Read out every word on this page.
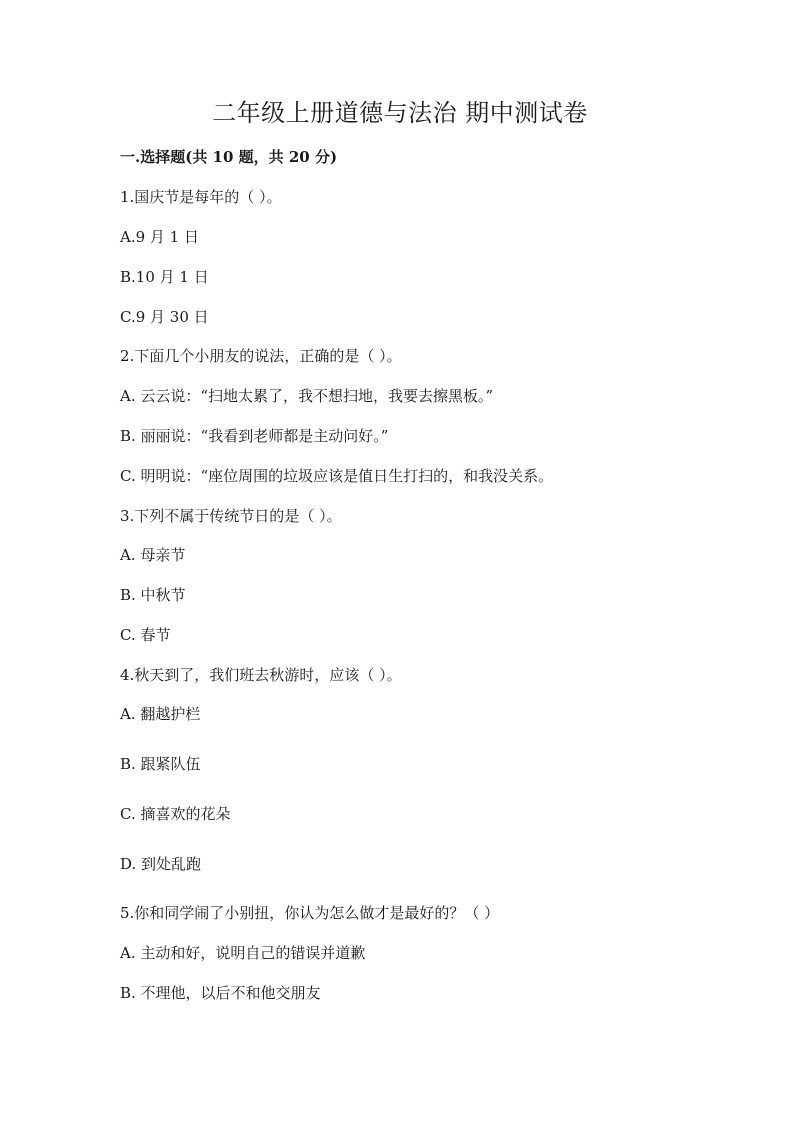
二年级上册道德与法治 期中测试卷
一.选择题(共 10 题，共 20 分)
1.国庆节是每年的（ ）。
A.9 月 1 日
B.10 月 1 日
C.9 月 30 日
2.下面几个小朋友的说法，正确的是（ ）。
A. 云云说：“扫地太累了，我不想扫地，我要去擦黑板。”
B. 丽丽说：“我看到老师都是主动问好。”
C. 明明说：“座位周围的垃圾应该是值日生打扫的，和我没关系。
3.下列不属于传统节日的是（ ）。
A. 母亲节
B. 中秋节
C. 春节
4.秋天到了，我们班去秋游时，应该（ ）。
A. 翻越护栏
B. 跟紧队伍
C. 摘喜欢的花朵
D. 到处乱跑
5.你和同学闹了小别扭，你认为怎么做才是最好的？（ ）
A. 主动和好，说明自己的错误并道歉
B. 不理他，以后不和他交朋友
